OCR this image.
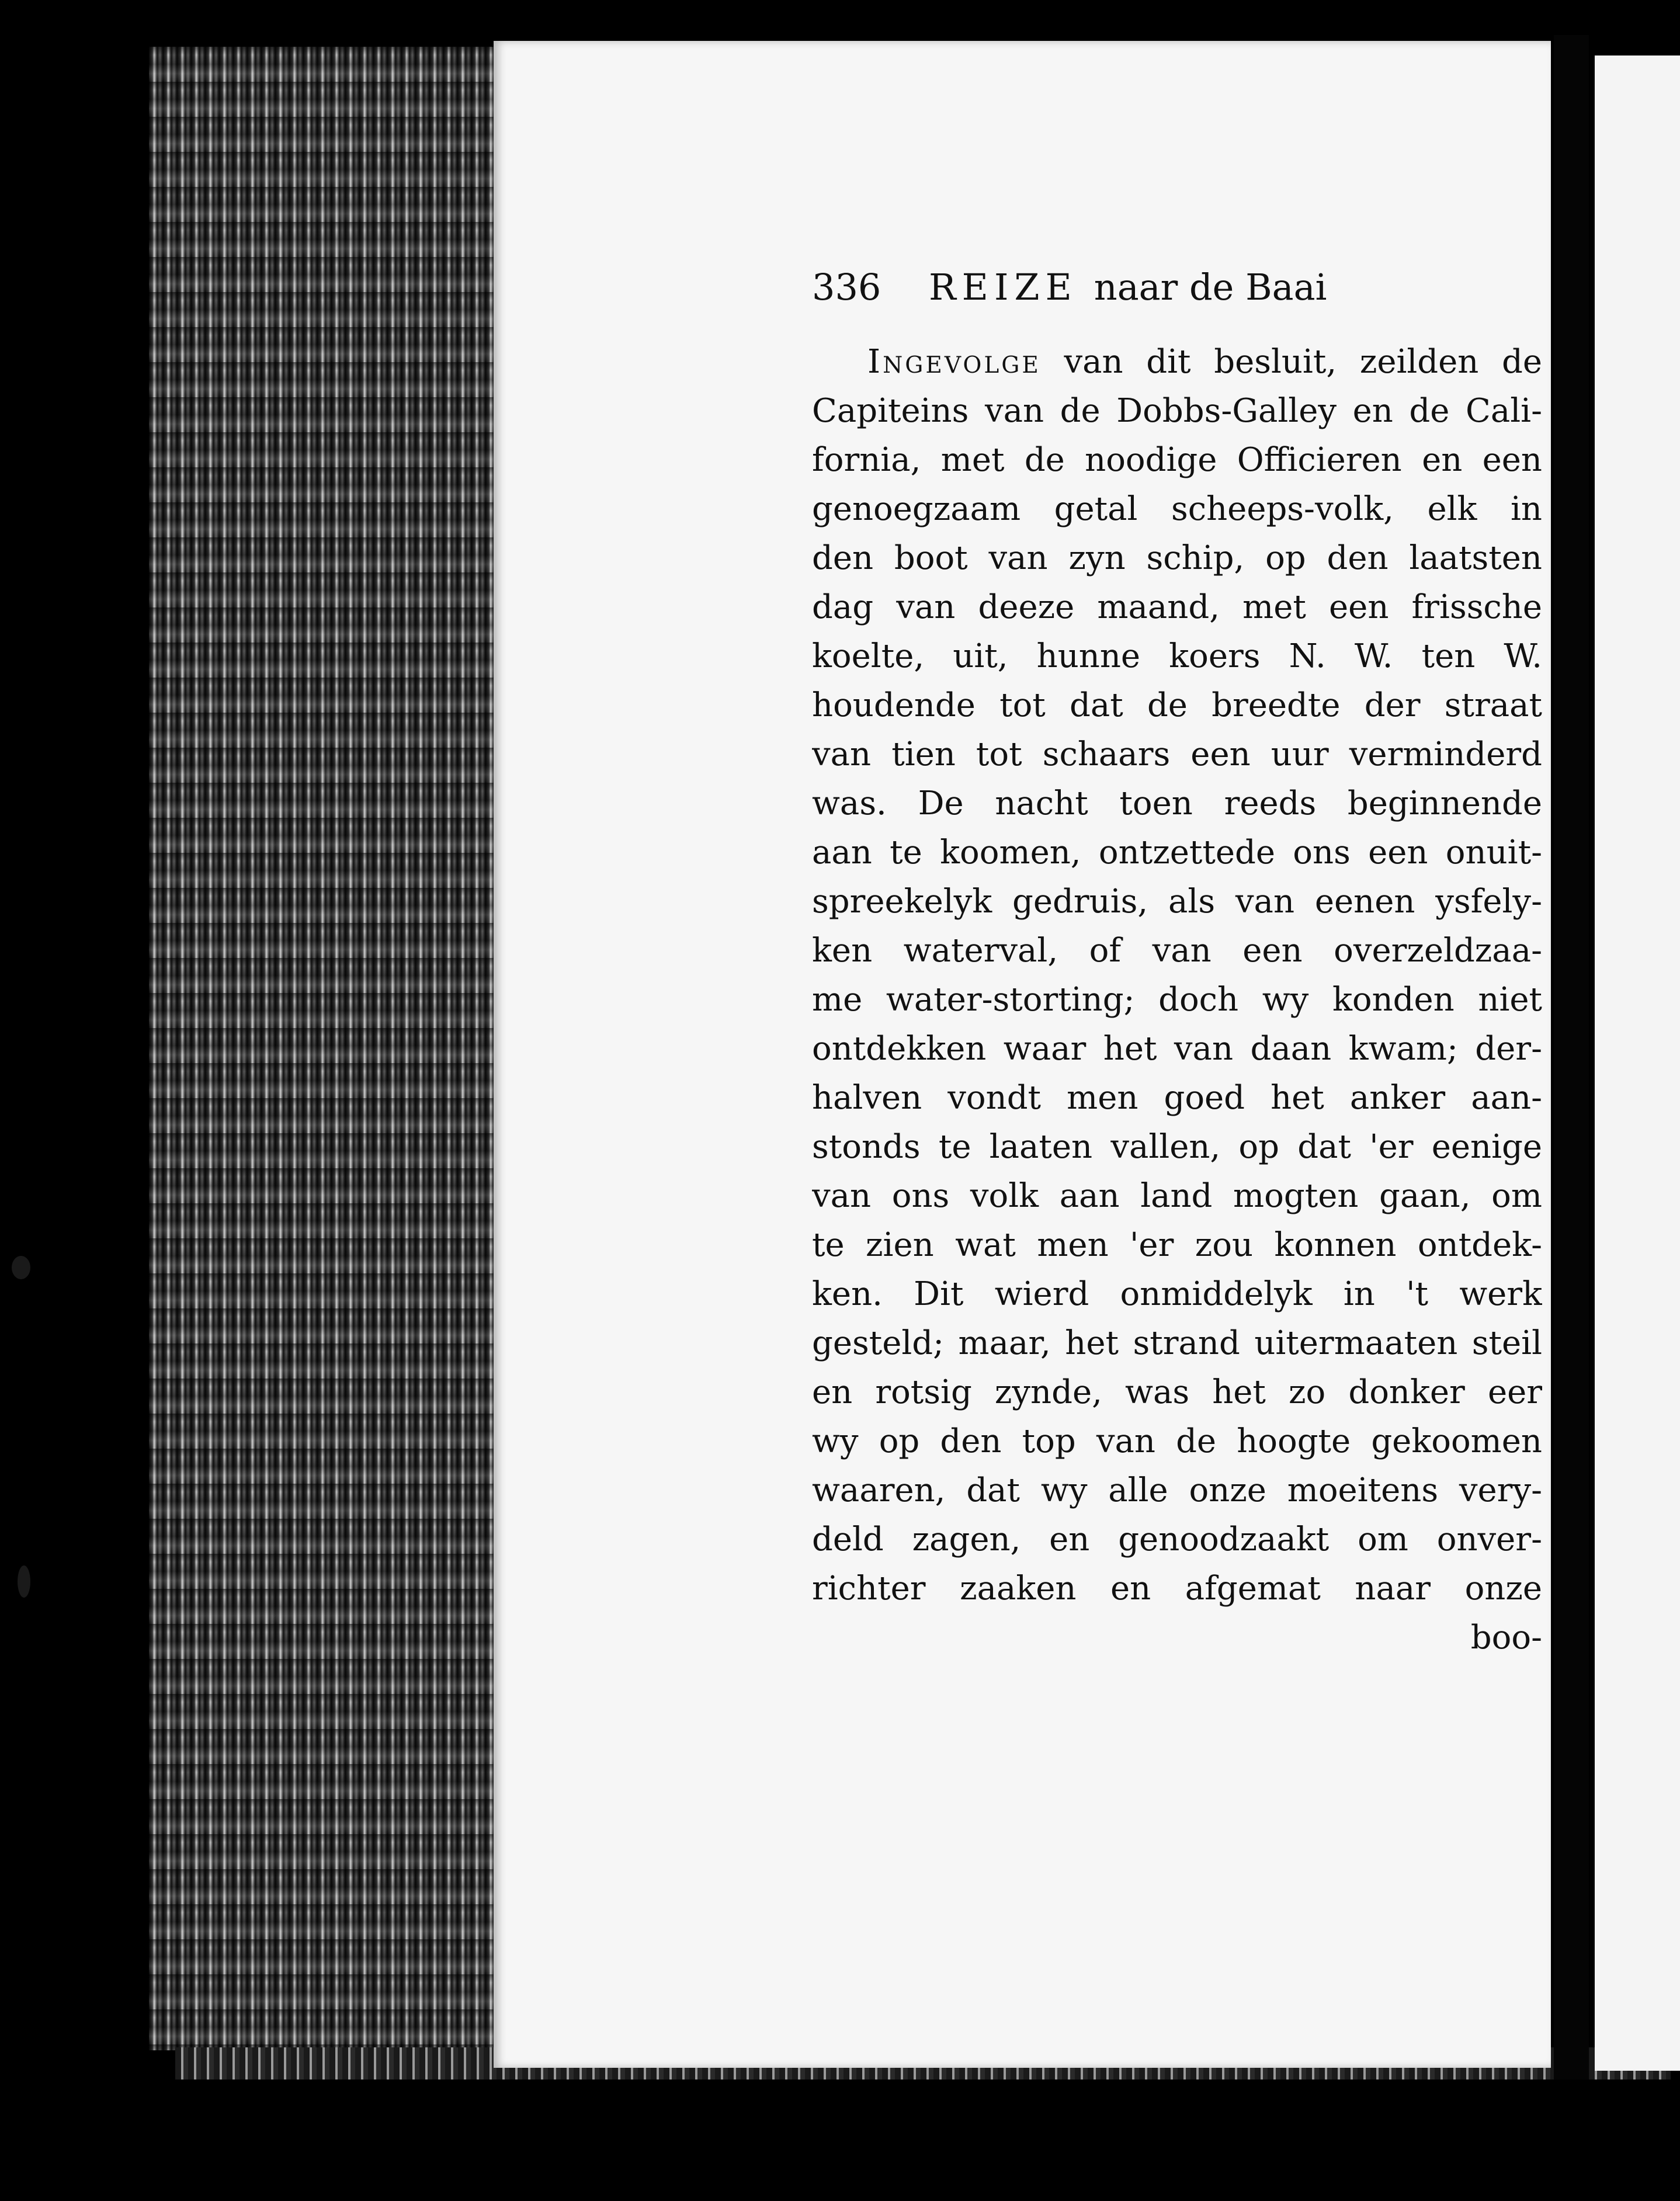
336	REIZE naar de Baai
Ingevolge van dit besluit, zeilden de
Capiteins van de Dobbs-Galley en de Cali-
fornia, met de noodige Officieren en een
genoegzaam getal scheeps-volk, elk in
den boot van zyn schip, op den laatsten
dag van deeze maand, met een frissche
koelte, uit, hunne koers N. W. ten W.
houdende tot dat de breedte der straat
van tien tot schaars een uur verminderd
was. De nacht toen reeds beginnende
aan te koomen, ontzettede ons een onuit-
spreekelyk gedruis, als van eenen ysfely-
ken waterval, of van een overzeldzaa-
me water-storting; doch wy konden niet
ontdekken waar het van daan kwam; der-
halven vondt men goed het anker aan-
stonds te laaten vallen, op dat 'er eenige
van ons volk aan land mogten gaan, om
te zien wat men 'er zou konnen ontdek-
ken. Dit wierd onmiddelyk in 't werk
gesteld; maar, het strand uitermaaten steil
en rotsig zynde, was het zo donker eer
wy op den top van de hoogte gekoomen
waaren, dat wy alle onze moeitens very-
deld zagen, en genoodzaakt om onver-
richter zaaken en afgemat naar onze
boo-
